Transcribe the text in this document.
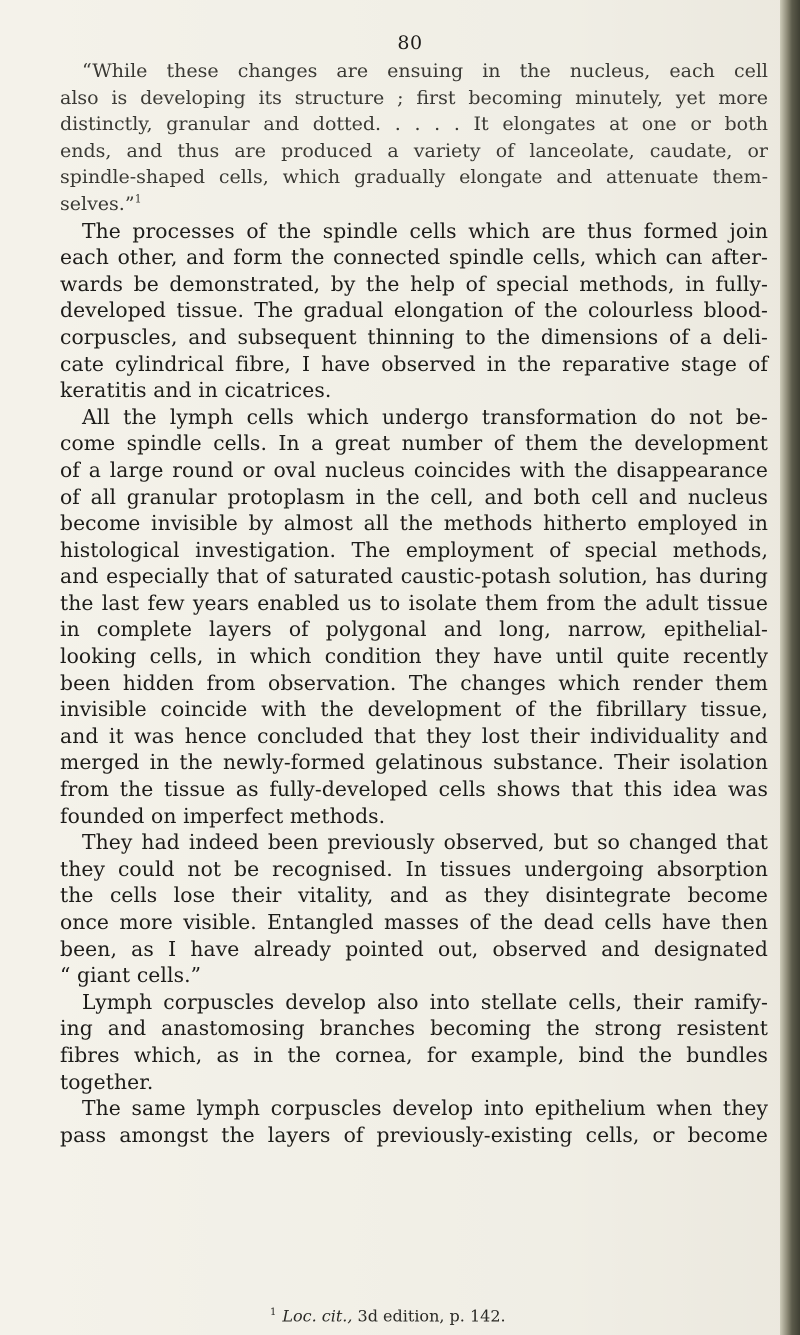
80
“While these changes are ensuing in the nucleus, each cell
also is developing its structure ; first becoming minutely, yet more
distinctly, granular and dotted. . . . . It elongates at one or both
ends, and thus are produced a variety of lanceolate, caudate, or
spindle-shaped cells, which gradually elongate and attenuate them-
selves.”$^1$
The processes of the spindle cells which are thus formed join
each other, and form the connected spindle cells, which can after-
wards be demonstrated, by the help of special methods, in fully-
developed tissue. The gradual elongation of the colourless blood-
corpuscles, and subsequent thinning to the dimensions of a deli-
cate cylindrical fibre, I have observed in the reparative stage of
keratitis and in cicatrices.
All the lymph cells which undergo transformation do not be-
come spindle cells. In a great number of them the development
of a large round or oval nucleus coincides with the disappearance
of all granular protoplasm in the cell, and both cell and nucleus
become invisible by almost all the methods hitherto employed in
histological investigation. The employment of special methods,
and especially that of saturated caustic-potash solution, has during
the last few years enabled us to isolate them from the adult tissue
in complete layers of polygonal and long, narrow, epithelial-
looking cells, in which condition they have until quite recently
been hidden from observation. The changes which render them
invisible coincide with the development of the fibrillary tissue,
and it was hence concluded that they lost their individuality and
merged in the newly-formed gelatinous substance. Their isolation
from the tissue as fully-developed cells shows that this idea was
founded on imperfect methods.
They had indeed been previously observed, but so changed that
they could not be recognised. In tissues undergoing absorption
the cells lose their vitality, and as they disintegrate become
once more visible. Entangled masses of the dead cells have then
been, as I have already pointed out, observed and designated
“ giant cells.”
Lymph corpuscles develop also into stellate cells, their ramify-
ing and anastomosing branches becoming the strong resistent
fibres which, as in the cornea, for example, bind the bundles
together.
The same lymph corpuscles develop into epithelium when they
pass amongst the layers of previously-existing cells, or become
$^1$ Loc. cit., 3d edition, p. 142.
